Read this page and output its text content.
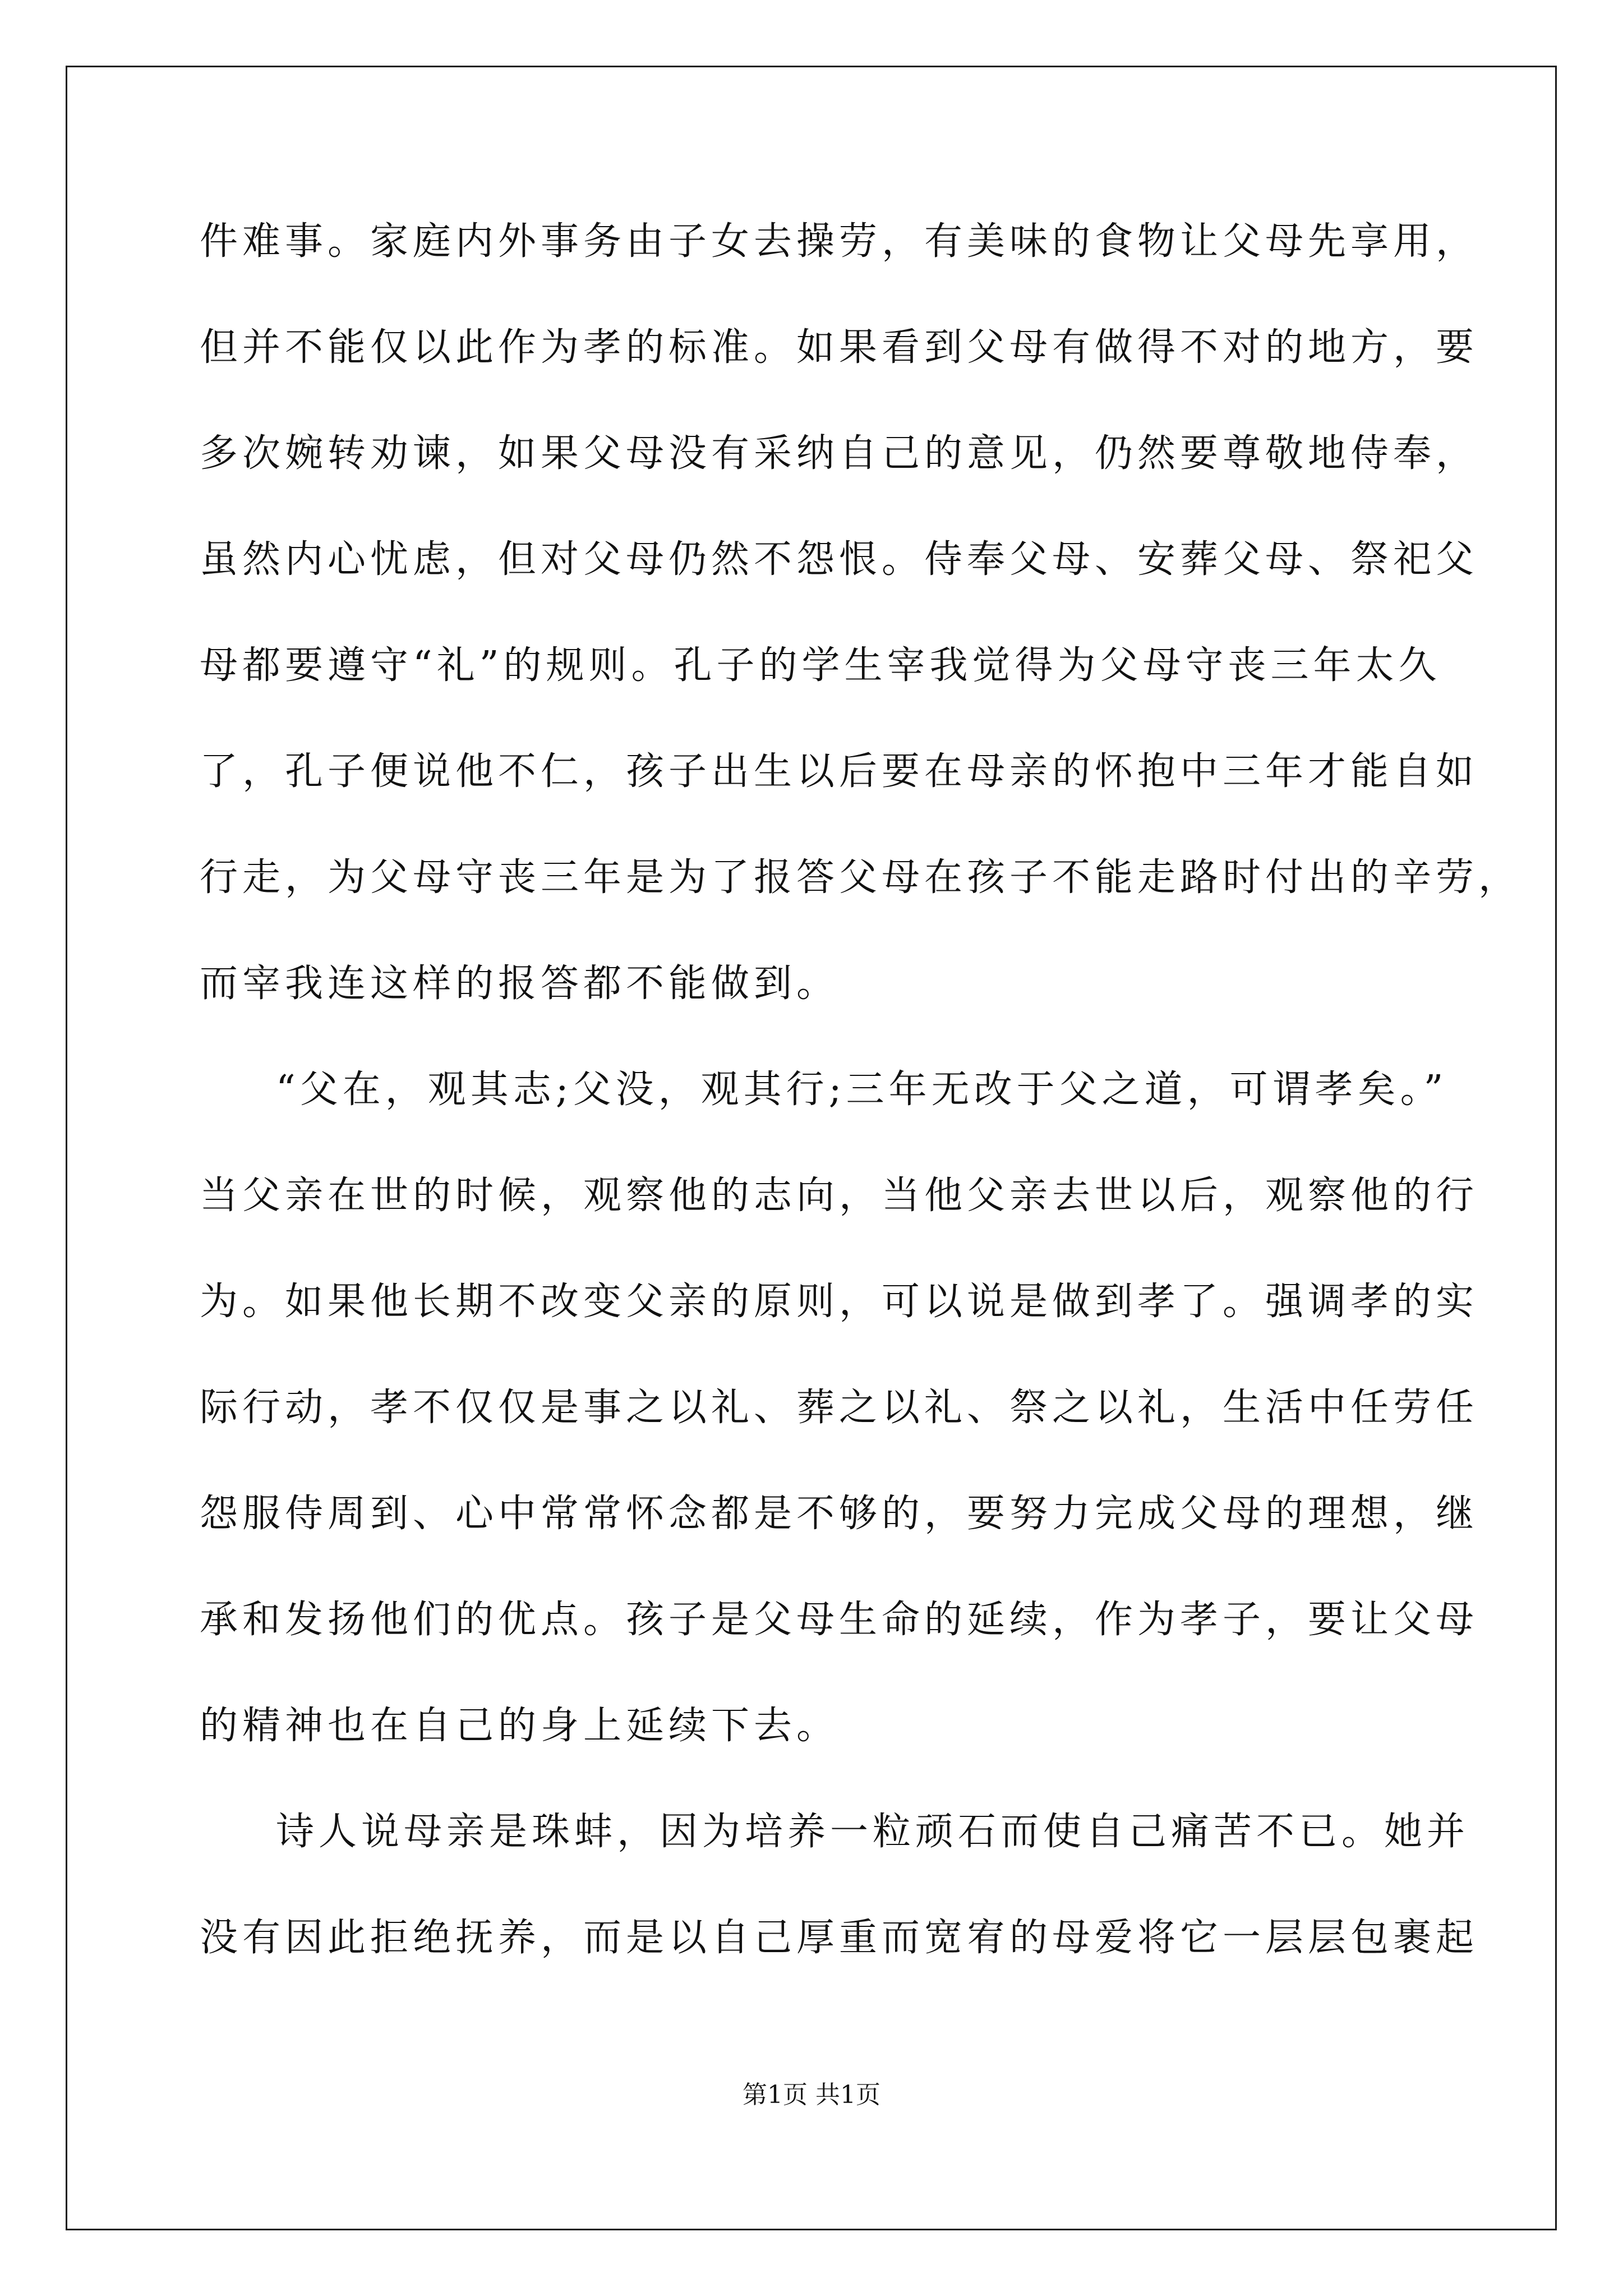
件难事。家庭内外事务由子女去操劳，有美味的食物让父母先享用，

但并不能仅以此作为孝的标准。如果看到父母有做得不对的地方，要

多次婉转劝谏，如果父母没有采纳自己的意见，仍然要尊敬地侍奉，

虽然内心忧虑，但对父母仍然不怨恨。侍奉父母、安葬父母、祭祀父

母都要遵守“礼”的规则。孔子的学生宰我觉得为父母守丧三年太久

了，孔子便说他不仁，孩子出生以后要在母亲的怀抱中三年才能自如

行走，为父母守丧三年是为了报答父母在孩子不能走路时付出的辛劳，

而宰我连这样的报答都不能做到。

“父在，观其志;父没，观其行;三年无改于父之道，可谓孝矣。”

当父亲在世的时候，观察他的志向，当他父亲去世以后，观察他的行

为。如果他长期不改变父亲的原则，可以说是做到孝了。强调孝的实

际行动，孝不仅仅是事之以礼、葬之以礼、祭之以礼，生活中任劳任

怨服侍周到、心中常常怀念都是不够的，要努力完成父母的理想，继

承和发扬他们的优点。孩子是父母生命的延续，作为孝子，要让父母

的精神也在自己的身上延续下去。

诗人说母亲是珠蚌，因为培养一粒顽石而使自己痛苦不已。她并

没有因此拒绝抚养，而是以自己厚重而宽宥的母爱将它一层层包裹起

第1页 共1页
